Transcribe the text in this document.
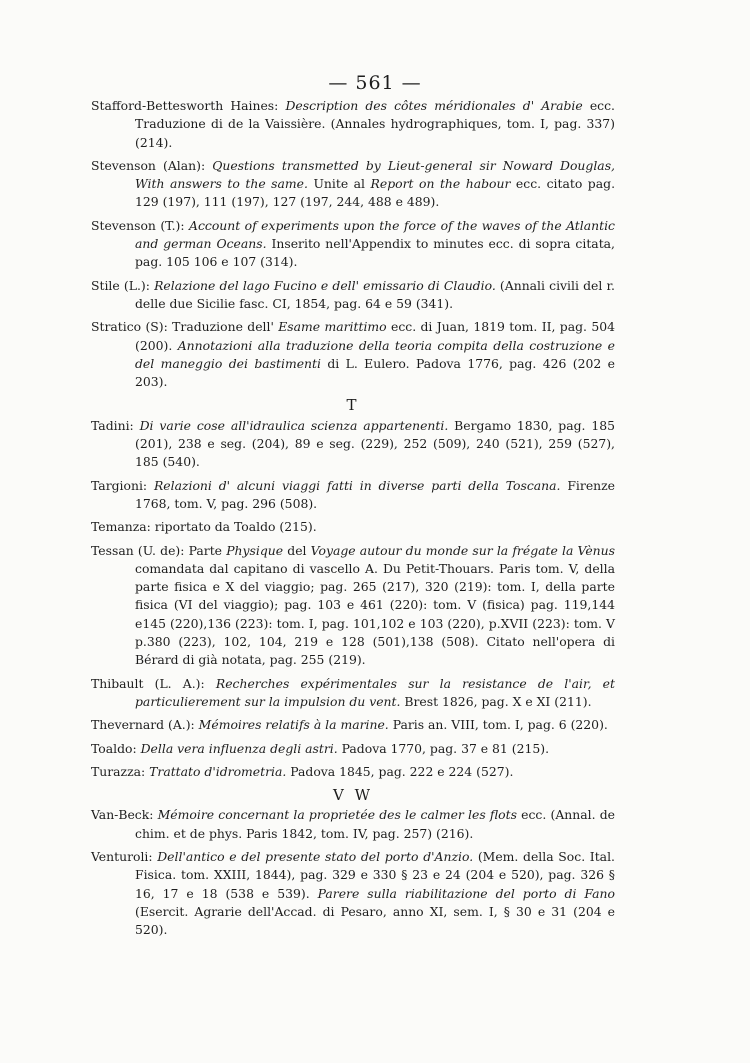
— 561 —
Stafford-Bettesworth Haines: Description des côtes méridionales d' Arabie ecc. Traduzione di de la Vaissière. (Annales hydrographiques, tom. I, pag. 337) (214).
Stevenson (Alan): Questions transmetted by Lieut-general sir Noward Douglas, With answers to the same. Unite al Report on the habour ecc. citato pag. 129 (197), 111 (197), 127 (197, 244, 488 e 489).
Stevenson (T.): Account of experiments upon the force of the waves of the Atlantic and german Oceans. Inserito nell'Appendix to minutes ecc. di sopra citata, pag. 105 106 e 107 (314).
Stile (L.): Relazione del lago Fucino e dell' emissario di Claudio. (Annali civili del r. delle due Sicilie fasc. CI, 1854, pag. 64 e 59 (341).
Stratico (S): Traduzione dell' Esame marittimo ecc. di Juan, 1819 tom. II, pag. 504 (200). Annotazioni alla traduzione della teoria compita della costruzione e del maneggio dei bastimenti di L. Eulero. Padova 1776, pag. 426 (202 e 203).
T
Tadini: Di varie cose all'idraulica scienza appartenenti. Bergamo 1830, pag. 185 (201), 238 e seg. (204), 89 e seg. (229), 252 (509), 240 (521), 259 (527), 185 (540).
Targioni: Relazioni d' alcuni viaggi fatti in diverse parti della Toscana. Firenze 1768, tom. V, pag. 296 (508).
Temanza: riportato da Toaldo (215).
Tessan (U. de): Parte Physique del Voyage autour du monde sur la frégate la Vènus comandata dal capitano di vascello A. Du Petit-Thouars. Paris tom. V, della parte fisica e X del viaggio; pag. 265 (217), 320 (219): tom. I, della parte fisica (VI del viaggio); pag. 103 e 461 (220): tom. V (fisica) pag. 119,144 e145 (220),136 (223): tom. I, pag. 101,102 e 103 (220), p.XVII (223): tom. V p.380 (223), 102, 104, 219 e 128 (501),138 (508). Citato nell'opera di Bérard di già notata, pag. 255 (219).
Thibault (L. A.): Recherches expérimentales sur la resistance de l'air, et particulierement sur la impulsion du vent. Brest 1826, pag. X e XI (211).
Thevernard (A.): Mémoires relatifs à la marine. Paris an. VIII, tom. I, pag. 6 (220).
Toaldo: Della vera influenza degli astri. Padova 1770, pag. 37 e 81 (215).
Turazza: Trattato d'idrometria. Padova 1845, pag. 222 e 224 (527).
V W
Van-Beck: Mémoire concernant la proprietée des le calmer les flots ecc. (Annal. de chim. et de phys. Paris 1842, tom. IV, pag. 257) (216).
Venturoli: Dell'antico e del presente stato del porto d'Anzio. (Mem. della Soc. Ital. Fisica. tom. XXIII, 1844), pag. 329 e 330 § 23 e 24 (204 e 520), pag. 326 § 16, 17 e 18 (538 e 539). Parere sulla riabilitazione del porto di Fano (Esercit. Agrarie dell'Accad. di Pesaro, anno XI, sem. I, § 30 e 31 (204 e 520).
